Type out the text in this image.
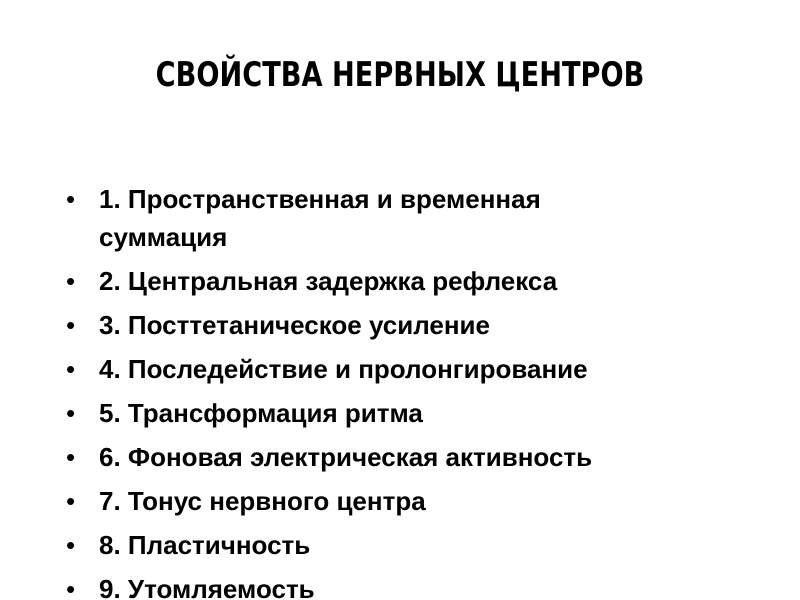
СВОЙСТВА НЕРВНЫХ ЦЕНТРОВ
• 1. Пространственная и временная суммация
• 2. Центральная задержка рефлекса
• 3. Посттетаническое усиление
• 4. Последействие и пролонгирование
• 5. Трансформация ритма
• 6. Фоновая электрическая активность
• 7. Тонус нервного центра
• 8. Пластичность
• 9. Утомляемость
